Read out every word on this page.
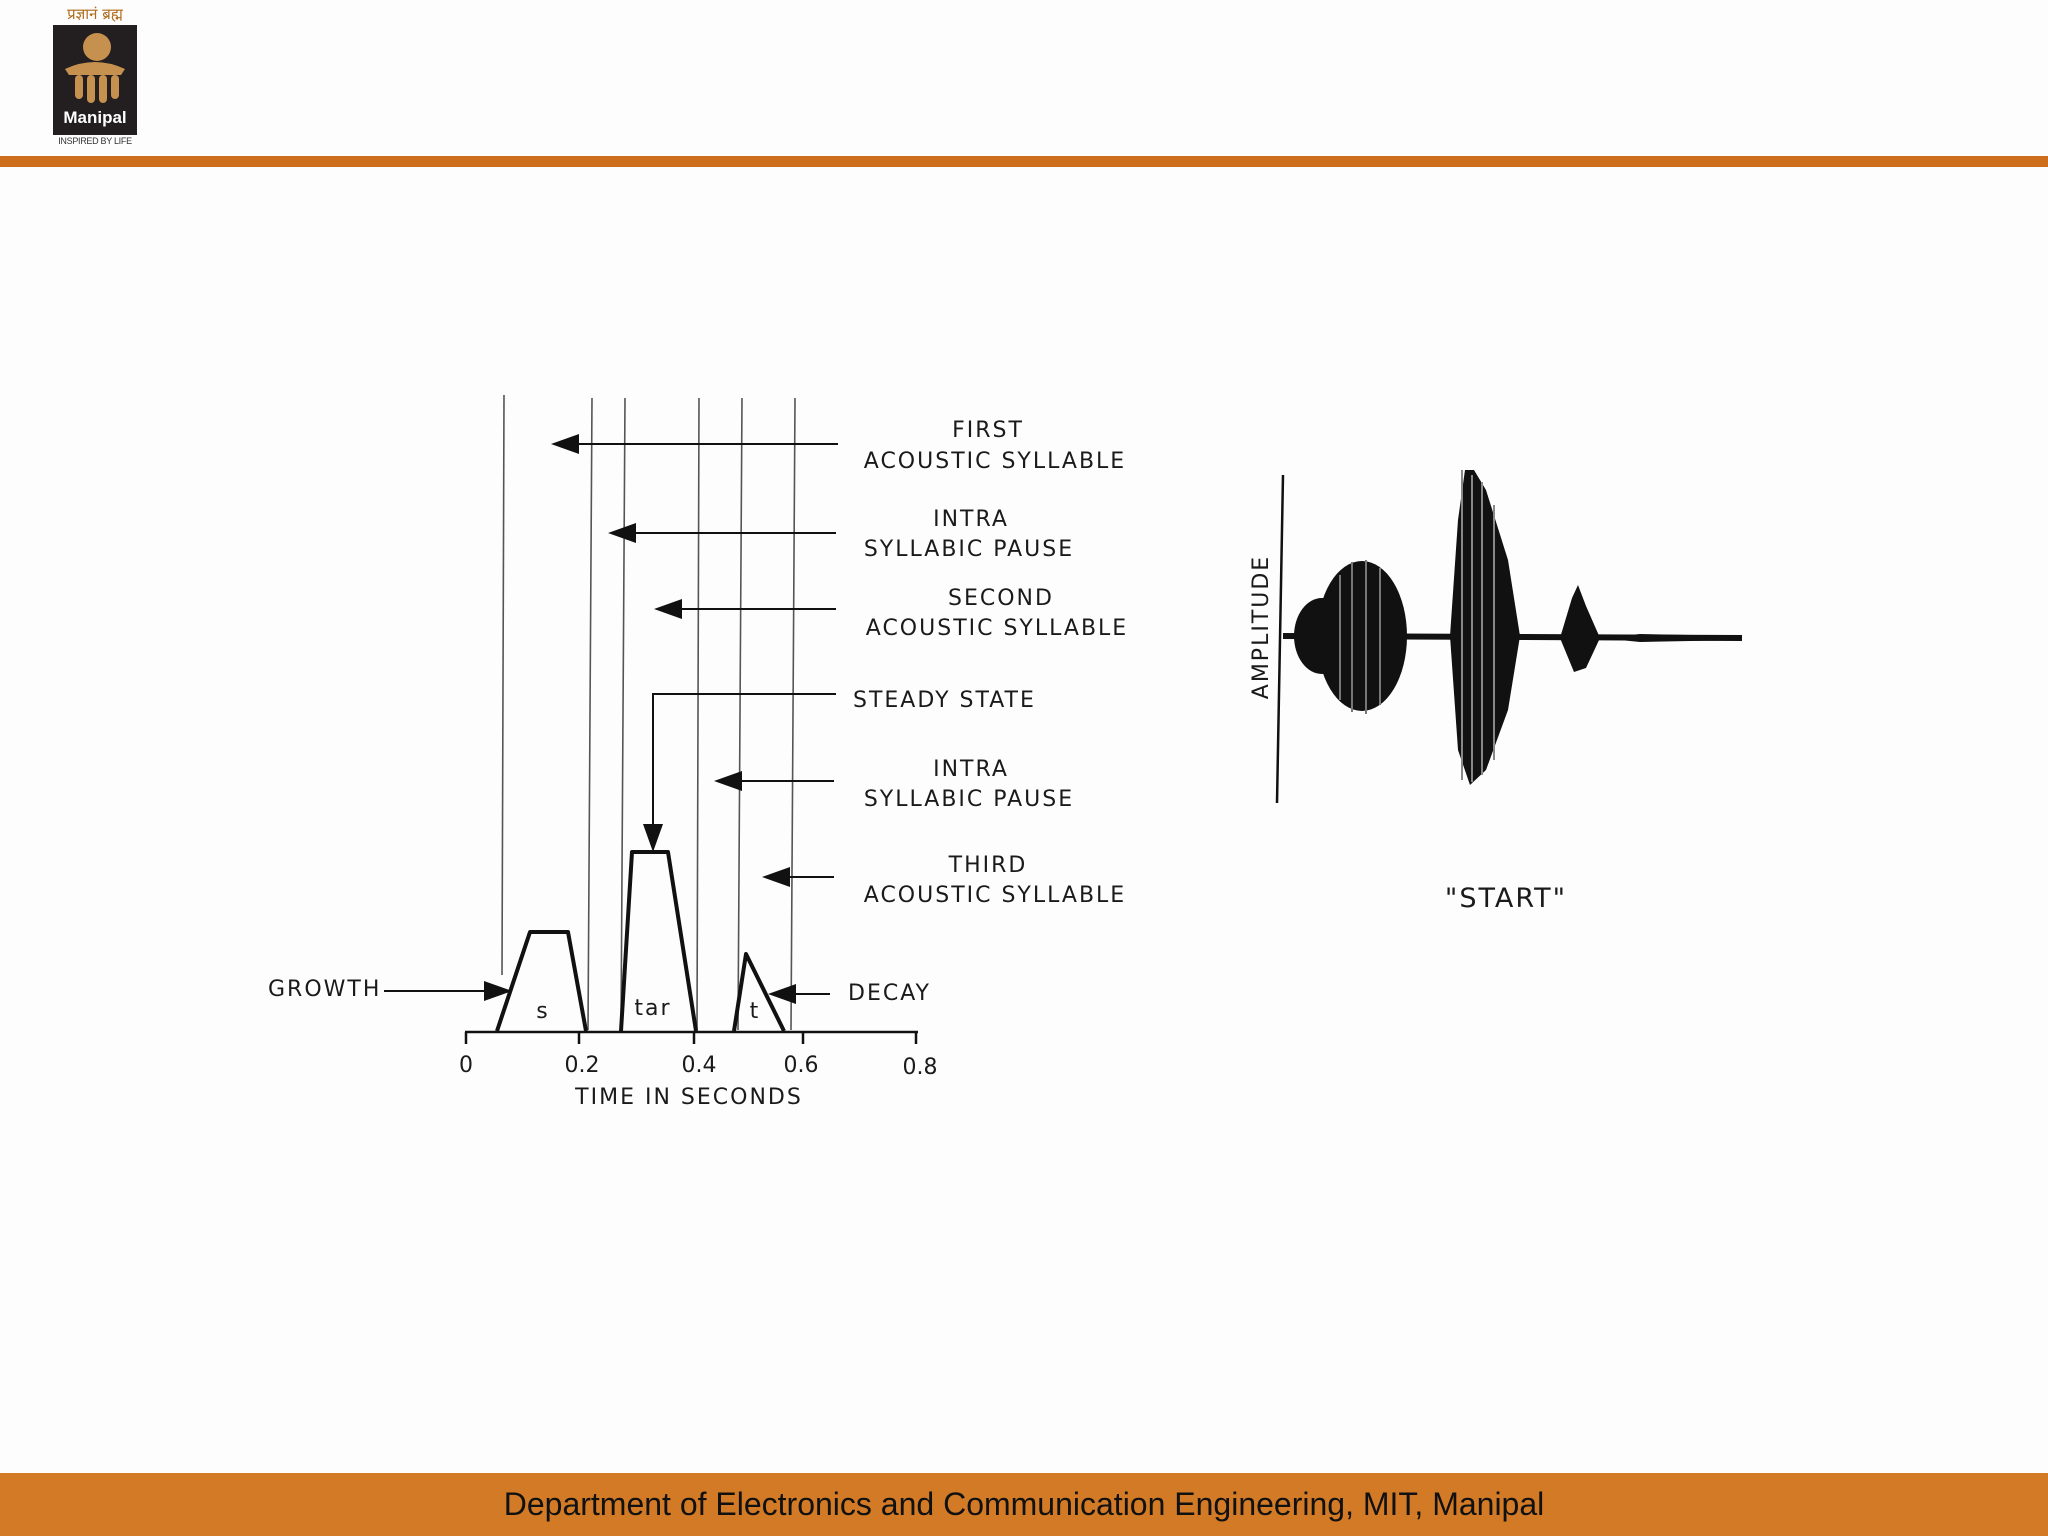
प्रज्ञानं ब्रह्म
Manipal
INSPIRED BY LIFE
0	0.2	0.4	0.6	0.8
TIME IN SECONDS
s	tar	t
FIRST
ACOUSTIC SYLLABLE
INTRA
SYLLABIC PAUSE
SECOND
ACOUSTIC SYLLABLE
STEADY STATE
INTRA
SYLLABIC PAUSE
THIRD
ACOUSTIC SYLLABLE
GROWTH	DECAY
AMPLITUDE
"START"
Department of Electronics and Communication Engineering, MIT, Manipal
